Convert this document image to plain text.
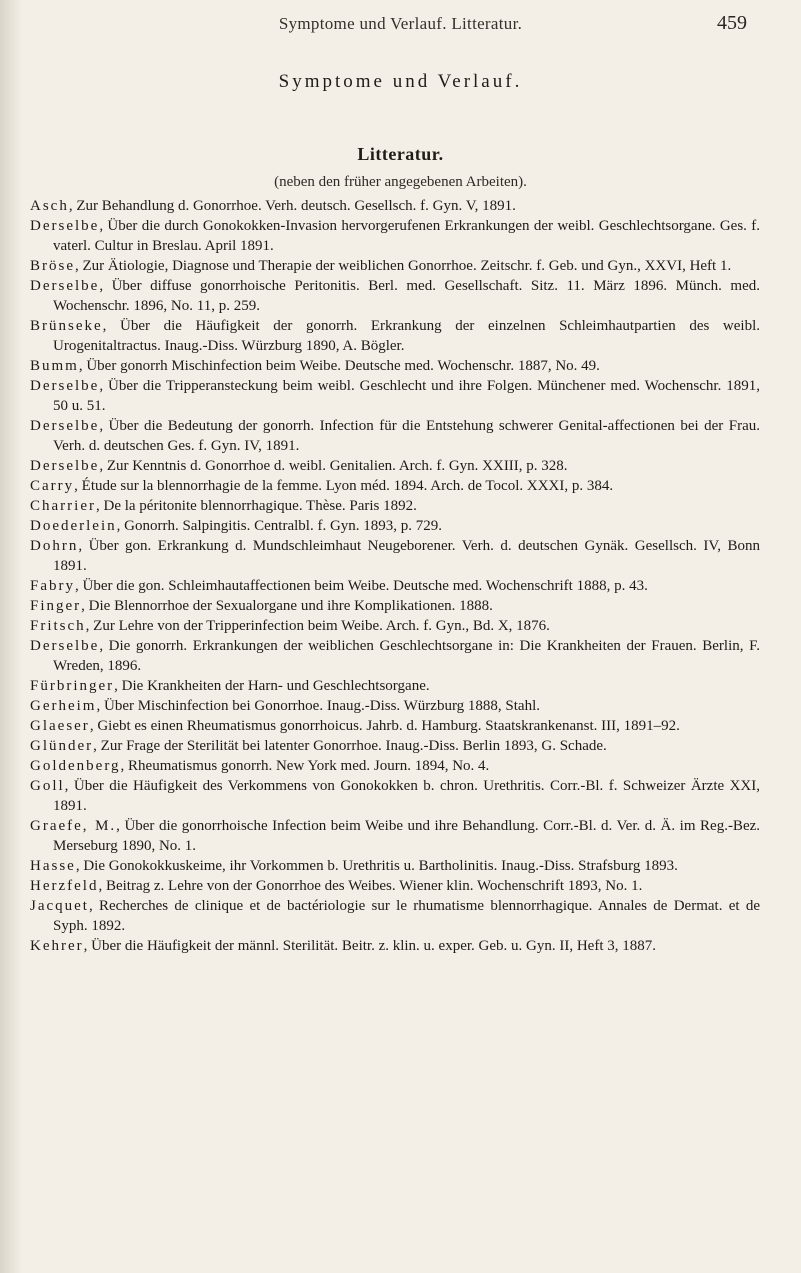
Symptome und Verlauf. Litteratur.	459
Symptome und Verlauf.
Litteratur.
(neben den früher angegebenen Arbeiten).
Asch, Zur Behandlung d. Gonorrhoe. Verh. deutsch. Gesellsch. f. Gyn. V, 1891.
Derselbe, Über die durch Gonokokken-Invasion hervorgerufenen Erkrankungen der weibl. Geschlechtsorgane. Ges. f. vaterl. Cultur in Breslau. April 1891.
Bröse, Zur Ätiologie, Diagnose und Therapie der weiblichen Gonorrhoe. Zeitschr. f. Geb. und Gyn., XXVI, Heft 1.
Derselbe, Über diffuse gonorrhoische Peritonitis. Berl. med. Gesellschaft. Sitz. 11. März 1896. Münch. med. Wochenschr. 1896, No. 11, p. 259.
Brünseke, Über die Häufigkeit der gonorrh. Erkrankung der einzelnen Schleimhautpartien des weibl. Urogenitaltractus. Inaug.-Diss. Würzburg 1890, A. Bögler.
Bumm, Über gonorrh Mischinfection beim Weibe. Deutsche med. Wochenschr. 1887, No. 49.
Derselbe, Über die Tripperansteckung beim weibl. Geschlecht und ihre Folgen. Münchener med. Wochenschr. 1891, 50 u. 51.
Derselbe, Über die Bedeutung der gonorrh. Infection für die Entstehung schwerer Genital-affectionen bei der Frau. Verh. d. deutschen Ges. f. Gyn. IV, 1891.
Derselbe, Zur Kenntnis d. Gonorrhoe d. weibl. Genitalien. Arch. f. Gyn. XXIII, p. 328.
Carry, Étude sur la blennorrhagie de la femme. Lyon méd. 1894. Arch. de Tocol. XXXI, p. 384.
Charrier, De la péritonite blennorrhagique. Thèse. Paris 1892.
Doederlein, Gonorrh. Salpingitis. Centralbl. f. Gyn. 1893, p. 729.
Dohrn, Über gon. Erkrankung d. Mundschleimhaut Neugeborener. Verh. d. deutschen Gynäk. Gesellsch. IV, Bonn 1891.
Fabry, Über die gon. Schleimhautaffectionen beim Weibe. Deutsche med. Wochenschrift 1888, p. 43.
Finger, Die Blennorrhoe der Sexualorgane und ihre Komplikationen. 1888.
Fritsch, Zur Lehre von der Tripperinfection beim Weibe. Arch. f. Gyn., Bd. X, 1876.
Derselbe, Die gonorrh. Erkrankungen der weiblichen Geschlechtsorgane in: Die Krankheiten der Frauen. Berlin, F. Wreden, 1896.
Fürbringer, Die Krankheiten der Harn- und Geschlechtsorgane.
Gerheim, Über Mischinfection bei Gonorrhoe. Inaug.-Diss. Würzburg 1888, Stahl.
Glaeser, Giebt es einen Rheumatismus gonorrhoicus. Jahrb. d. Hamburg. Staatskrankenanst. III, 1891–92.
Glünder, Zur Frage der Sterilität bei latenter Gonorrhoe. Inaug.-Diss. Berlin 1893, G. Schade.
Goldenberg, Rheumatismus gonorrh. New York med. Journ. 1894, No. 4.
Goll, Über die Häufigkeit des Verkommens von Gonokokken b. chron. Urethritis. Corr.-Bl. f. Schweizer Ärzte XXI, 1891.
Graefe, M., Über die gonorrhoische Infection beim Weibe und ihre Behandlung. Corr.-Bl. d. Ver. d. Ä. im Reg.-Bez. Merseburg 1890, No. 1.
Hasse, Die Gonokokkuskeime, ihr Vorkommen b. Urethritis u. Bartholinitis. Inaug.-Diss. Strafsburg 1893.
Herzfeld, Beitrag z. Lehre von der Gonorrhoe des Weibes. Wiener klin. Wochenschrift 1893, No. 1.
Jacquet, Recherches de clinique et de bactériologie sur le rhumatisme blennorrhagique. Annales de Dermat. et de Syph. 1892.
Kehrer, Über die Häufigkeit der männl. Sterilität. Beitr. z. klin. u. exper. Geb. u. Gyn. II, Heft 3, 1887.
